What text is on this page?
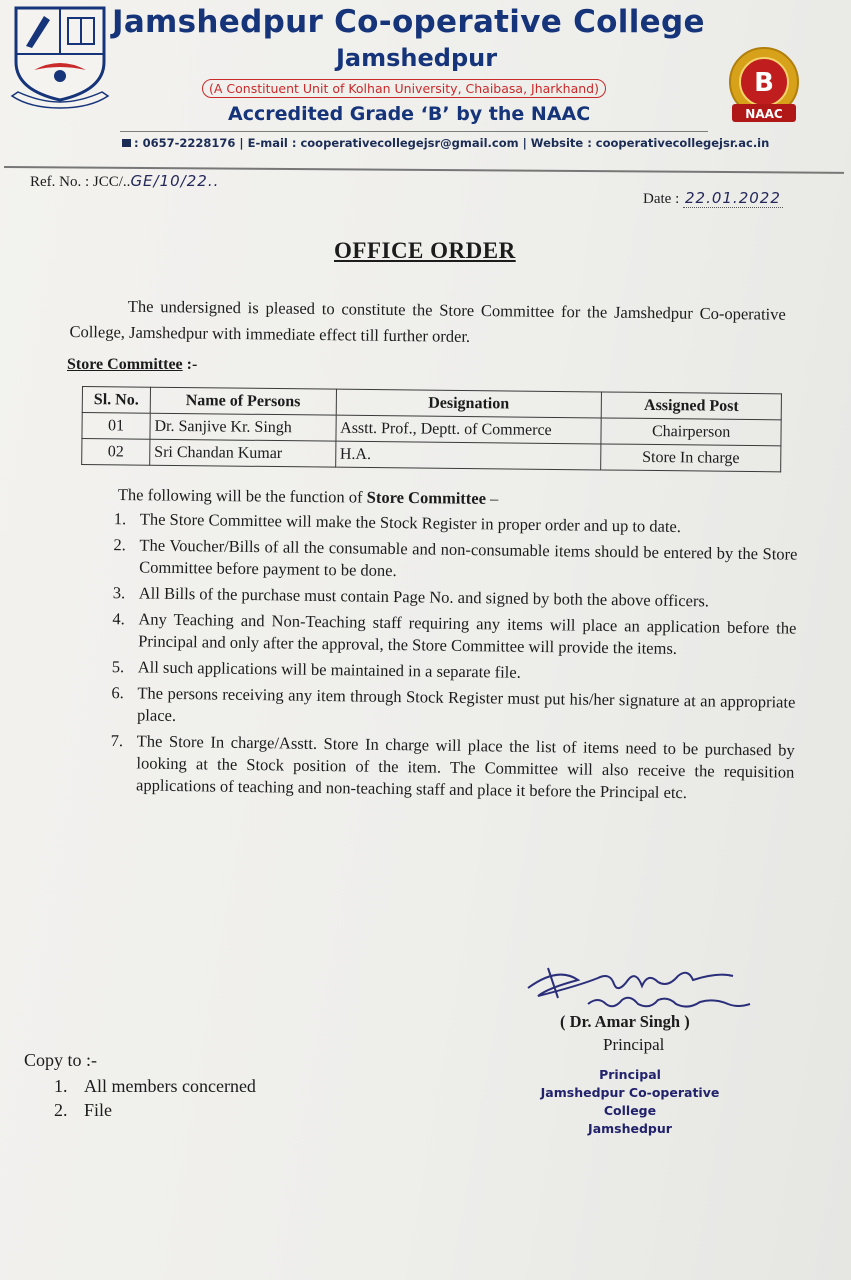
Jamshedpur Co-operative College
Jamshedpur
(A Constituent Unit of Kolhan University, Chaibasa, Jharkhand)
Accredited Grade ‘B’ by the NAAC
B
NAAC
: 0657-2228176 | E-mail : cooperativecollegejsr@gmail.com | Website : cooperativecollegejsr.ac.in
Ref. No. : JCC/..GE/10/22..
Date : 22.01.2022
OFFICE ORDER

The undersigned is pleased to constitute the Store Committee for the Jamshedpur Co-operative College, Jamshedpur with immediate effect till further order.

Store Committee :-
Sl. No.	Name of Persons	Designation	Assigned Post
01	Dr. Sanjive Kr. Singh	Asstt. Prof., Deptt. of Commerce	Chairperson
02	Sri Chandan Kumar	H.A.	Store In charge
The following will be the function of Store Committee –
1. The Store Committee will make the Stock Register in proper order and up to date.
2. The Voucher/Bills of all the consumable and non-consumable items should be entered by the Store Committee before payment to be done.
3. All Bills of the purchase must contain Page No. and signed by both the above officers.
4. Any Teaching and Non-Teaching staff requiring any items will place an application before the Principal and only after the approval, the Store Committee will provide the items.
5. All such applications will be maintained in a separate file.
6. The persons receiving any item through Stock Register must put his/her signature at an appropriate place.
7. The Store In charge/Asstt. Store In charge will place the list of items need to be purchased by looking at the Stock position of the item. The Committee will also receive the requisition applications of teaching and non-teaching staff and place it before the Principal etc.
( Dr. Amar Singh )
Principal
Principal
Jamshedpur Co-operative College
Jamshedpur
Copy to :-
1. All members concerned
2. File
